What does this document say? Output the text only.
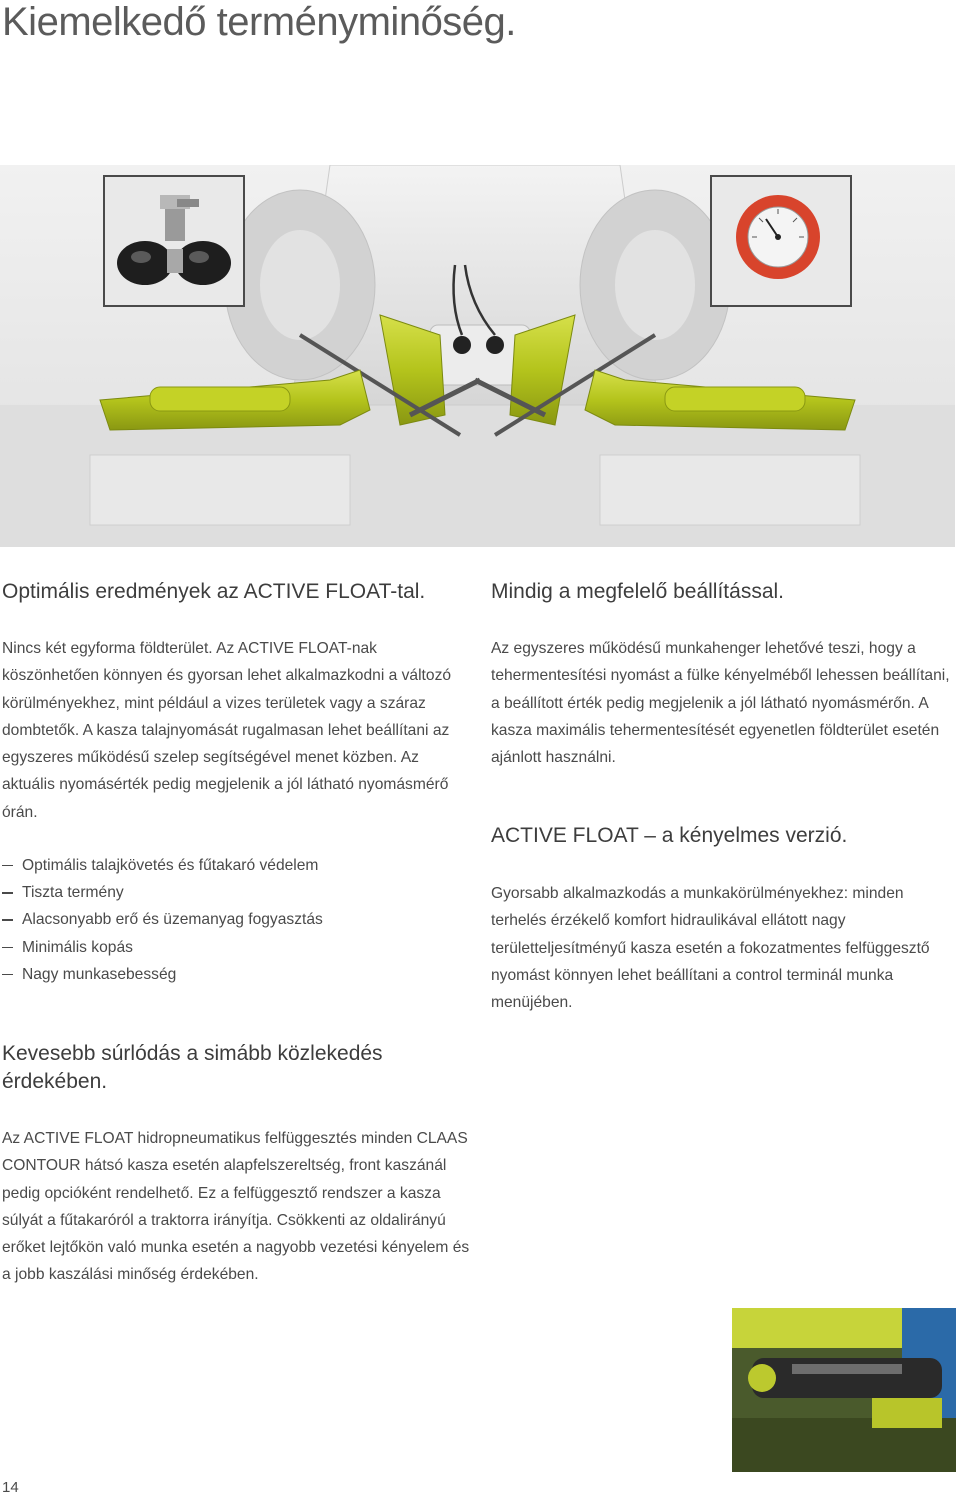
Kiemelkedő terményminőség.
Optimális eredmények az ACTIVE FLOAT-tal.

Nincs két egyforma földterület. Az ACTIVE FLOAT-nak köszönhetően könnyen és gyorsan lehet alkalmazkodni a változó körülményekhez, mint például a vizes területek vagy a száraz dombtetők. A kasza talajnyomását rugalmasan lehet beállítani az egyszeres működésű szelep segítségével menet közben. Az aktuális nyomásérték pedig megjelenik a jól látható nyomásmérő órán.

Optimális talajkövetés és fűtakaró védelem
Tiszta termény
Alacsonyabb erő és üzemanyag fogyasztás
Minimális kopás
Nagy munkasebesség
Mindig a megfelelő beállítással.

Az egyszeres működésű munkahenger lehetővé teszi, hogy a tehermentesítési nyomást a fülke kényelméből lehessen beállítani, a beállított érték pedig megjelenik a jól látható nyomásmérőn. A kasza maximális tehermentesítését egyenetlen földterület esetén ajánlott használni.

ACTIVE FLOAT – a kényelmes verzió.

Gyorsabb alkalmazkodás a munkakörülményekhez: minden terhelés érzékelő komfort hidraulikával ellátott nagy területteljesítményű kasza esetén a fokozatmentes felfüggesztő nyomást könnyen lehet beállítani a control terminál munka menüjében.

Kevesebb súrlódás a simább közlekedés érdekében.

Az ACTIVE FLOAT hidropneumatikus felfüggesztés minden CLAAS CONTOUR hátsó kasza esetén alapfelszereltség, front kaszánál pedig opcióként rendelhető. Ez a felfüggesztő rendszer a kasza súlyát a fűtakaróról a traktorra irányítja. Csökkenti az oldalirányú erőket lejtőkön való munka esetén a nagyobb vezetési kényelem és a jobb kaszálási minőség érdekében.

14
